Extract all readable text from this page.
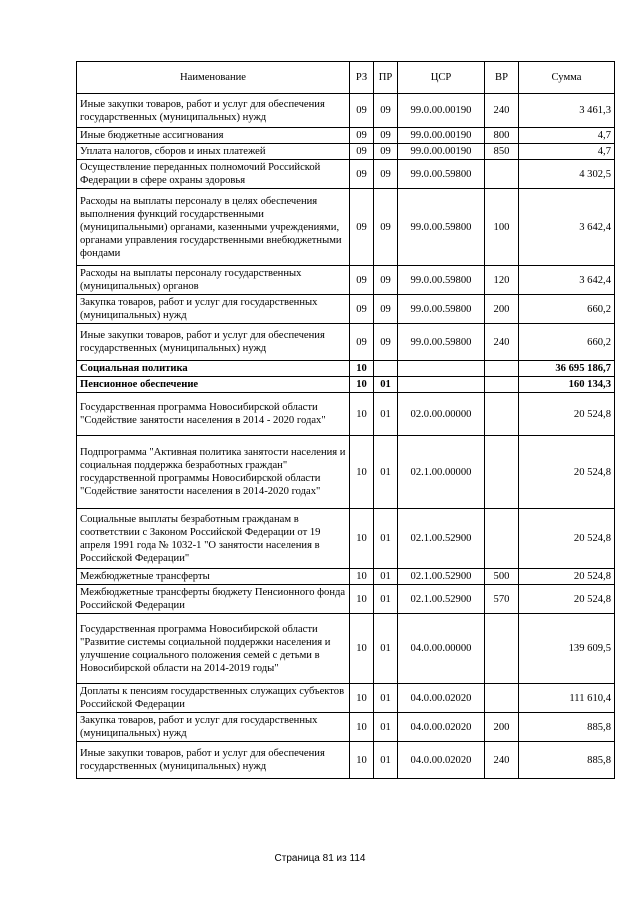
Наименование	РЗ	ПР	ЦСР	ВР	Сумма
Иные закупки товаров, работ и услуг для обеспечения государственных (муниципальных) нужд	09	09	99.0.00.00190	240	3 461,3
Иные бюджетные ассигнования	09	09	99.0.00.00190	800	4,7
Уплата налогов, сборов и иных платежей	09	09	99.0.00.00190	850	4,7
Осуществление переданных полномочий Российской Федерации в сфере охраны здоровья	09	09	99.0.00.59800		4 302,5
Расходы на выплаты персоналу в целях обеспечения выполнения функций государственными (муниципальными) органами, казенными учреждениями, органами управления государственными внебюджетными фондами	09	09	99.0.00.59800	100	3 642,4
Расходы на выплаты персоналу государственных (муниципальных) органов	09	09	99.0.00.59800	120	3 642,4
Закупка товаров, работ и услуг для государственных (муниципальных) нужд	09	09	99.0.00.59800	200	660,2
Иные закупки товаров, работ и услуг для обеспечения государственных (муниципальных) нужд	09	09	99.0.00.59800	240	660,2
Социальная политика	10				36 695 186,7
Пенсионное обеспечение	10	01			160 134,3
Государственная программа Новосибирской области "Содействие занятости населения в 2014 - 2020 годах"	10	01	02.0.00.00000		20 524,8
Подпрограмма "Активная политика занятости населения и социальная поддержка безработных граждан" государственной программы Новосибирской области "Содействие занятости населения в 2014-2020 годах"	10	01	02.1.00.00000		20 524,8
Социальные выплаты безработным гражданам в соответствии с Законом Российской Федерации от 19 апреля 1991 года № 1032-1 "О занятости населения в Российской Федерации"	10	01	02.1.00.52900		20 524,8
Межбюджетные трансферты	10	01	02.1.00.52900	500	20 524,8
Межбюджетные трансферты бюджету Пенсионного фонда Российской Федерации	10	01	02.1.00.52900	570	20 524,8
Государственная программа Новосибирской области "Развитие системы социальной поддержки населения и улучшение социального положения семей с детьми в Новосибирской области на 2014-2019 годы"	10	01	04.0.00.00000		139 609,5
Доплаты к пенсиям государственных служащих субъектов Российской Федерации	10	01	04.0.00.02020		111 610,4
Закупка товаров, работ и услуг для государственных (муниципальных) нужд	10	01	04.0.00.02020	200	885,8
Иные закупки товаров, работ и услуг для обеспечения государственных (муниципальных) нужд	10	01	04.0.00.02020	240	885,8
Страница 81 из 114
